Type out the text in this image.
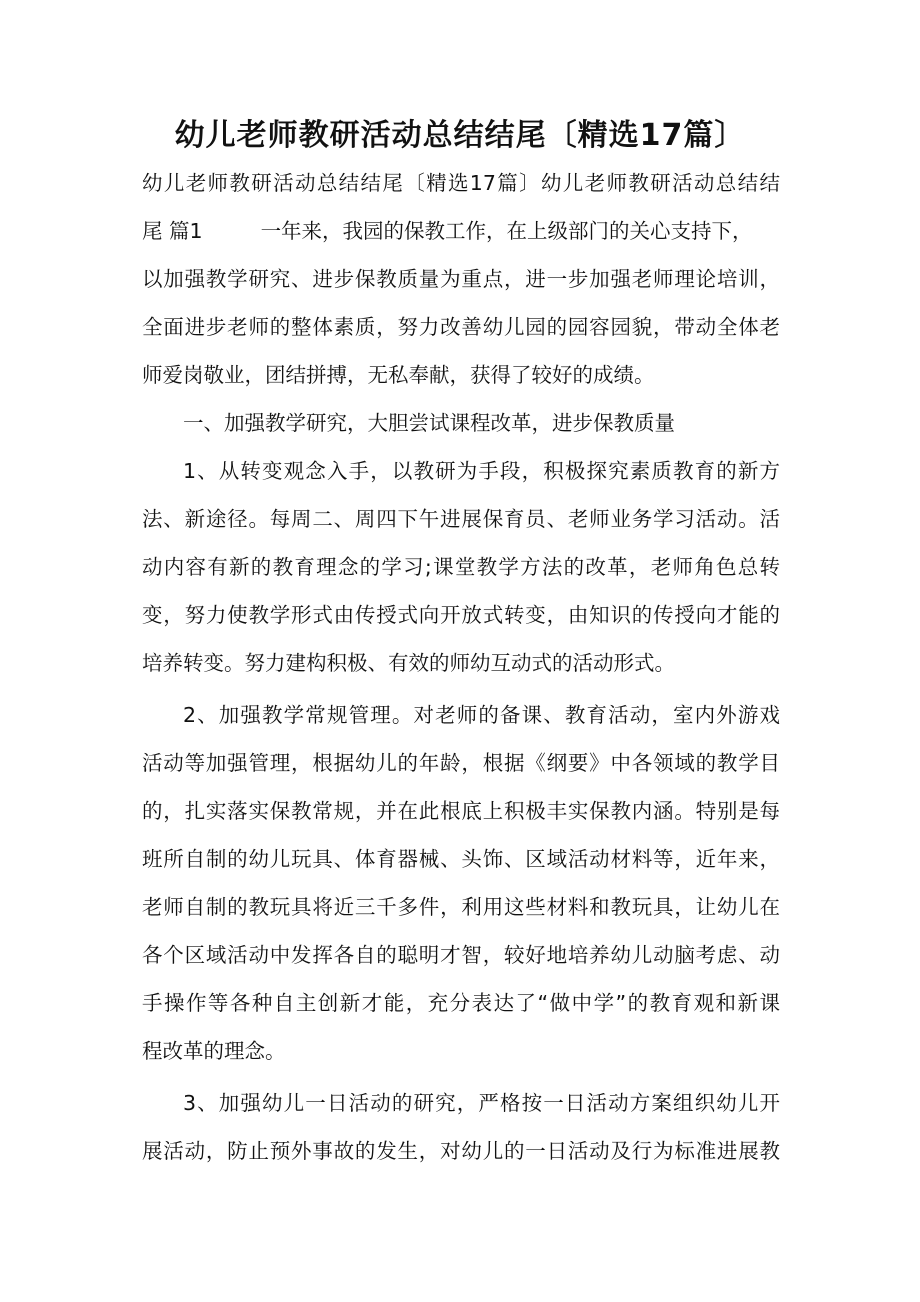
幼儿老师教研活动总结结尾〔精选17篇〕
幼儿老师教研活动总结结尾〔精选17篇〕幼儿老师教研活动总结结
尾 篇1	一年来，我园的保教工作，在上级部门的关心支持下，
以加强教学研究、进步保教质量为重点，进一步加强老师理论培训，
全面进步老师的整体素质，努力改善幼儿园的园容园貌，带动全体老
师爱岗敬业，团结拼搏，无私奉献，获得了较好的成绩。
一、加强教学研究，大胆尝试课程改革，进步保教质量
1、从转变观念入手，以教研为手段，积极探究素质教育的新方
法、新途径。每周二、周四下午进展保育员、老师业务学习活动。活
动内容有新的教育理念的学习;课堂教学方法的改革，老师角色总转
变，努力使教学形式由传授式向开放式转变，由知识的传授向才能的
培养转变。努力建构积极、有效的师幼互动式的活动形式。
2、加强教学常规管理。对老师的备课、教育活动，室内外游戏
活动等加强管理，根据幼儿的年龄，根据《纲要》中各领域的教学目
的，扎实落实保教常规，并在此根底上积极丰实保教内涵。特别是每
班所自制的幼儿玩具、体育器械、头饰、区域活动材料等，近年来，
老师自制的教玩具将近三千多件，利用这些材料和教玩具，让幼儿在
各个区域活动中发挥各自的聪明才智，较好地培养幼儿动脑考虑、动
手操作等各种自主创新才能，充分表达了“做中学”的教育观和新课
程改革的理念。
3、加强幼儿一日活动的研究，严格按一日活动方案组织幼儿开
展活动，防止预外事故的发生，对幼儿的一日活动及行为标准进展教
